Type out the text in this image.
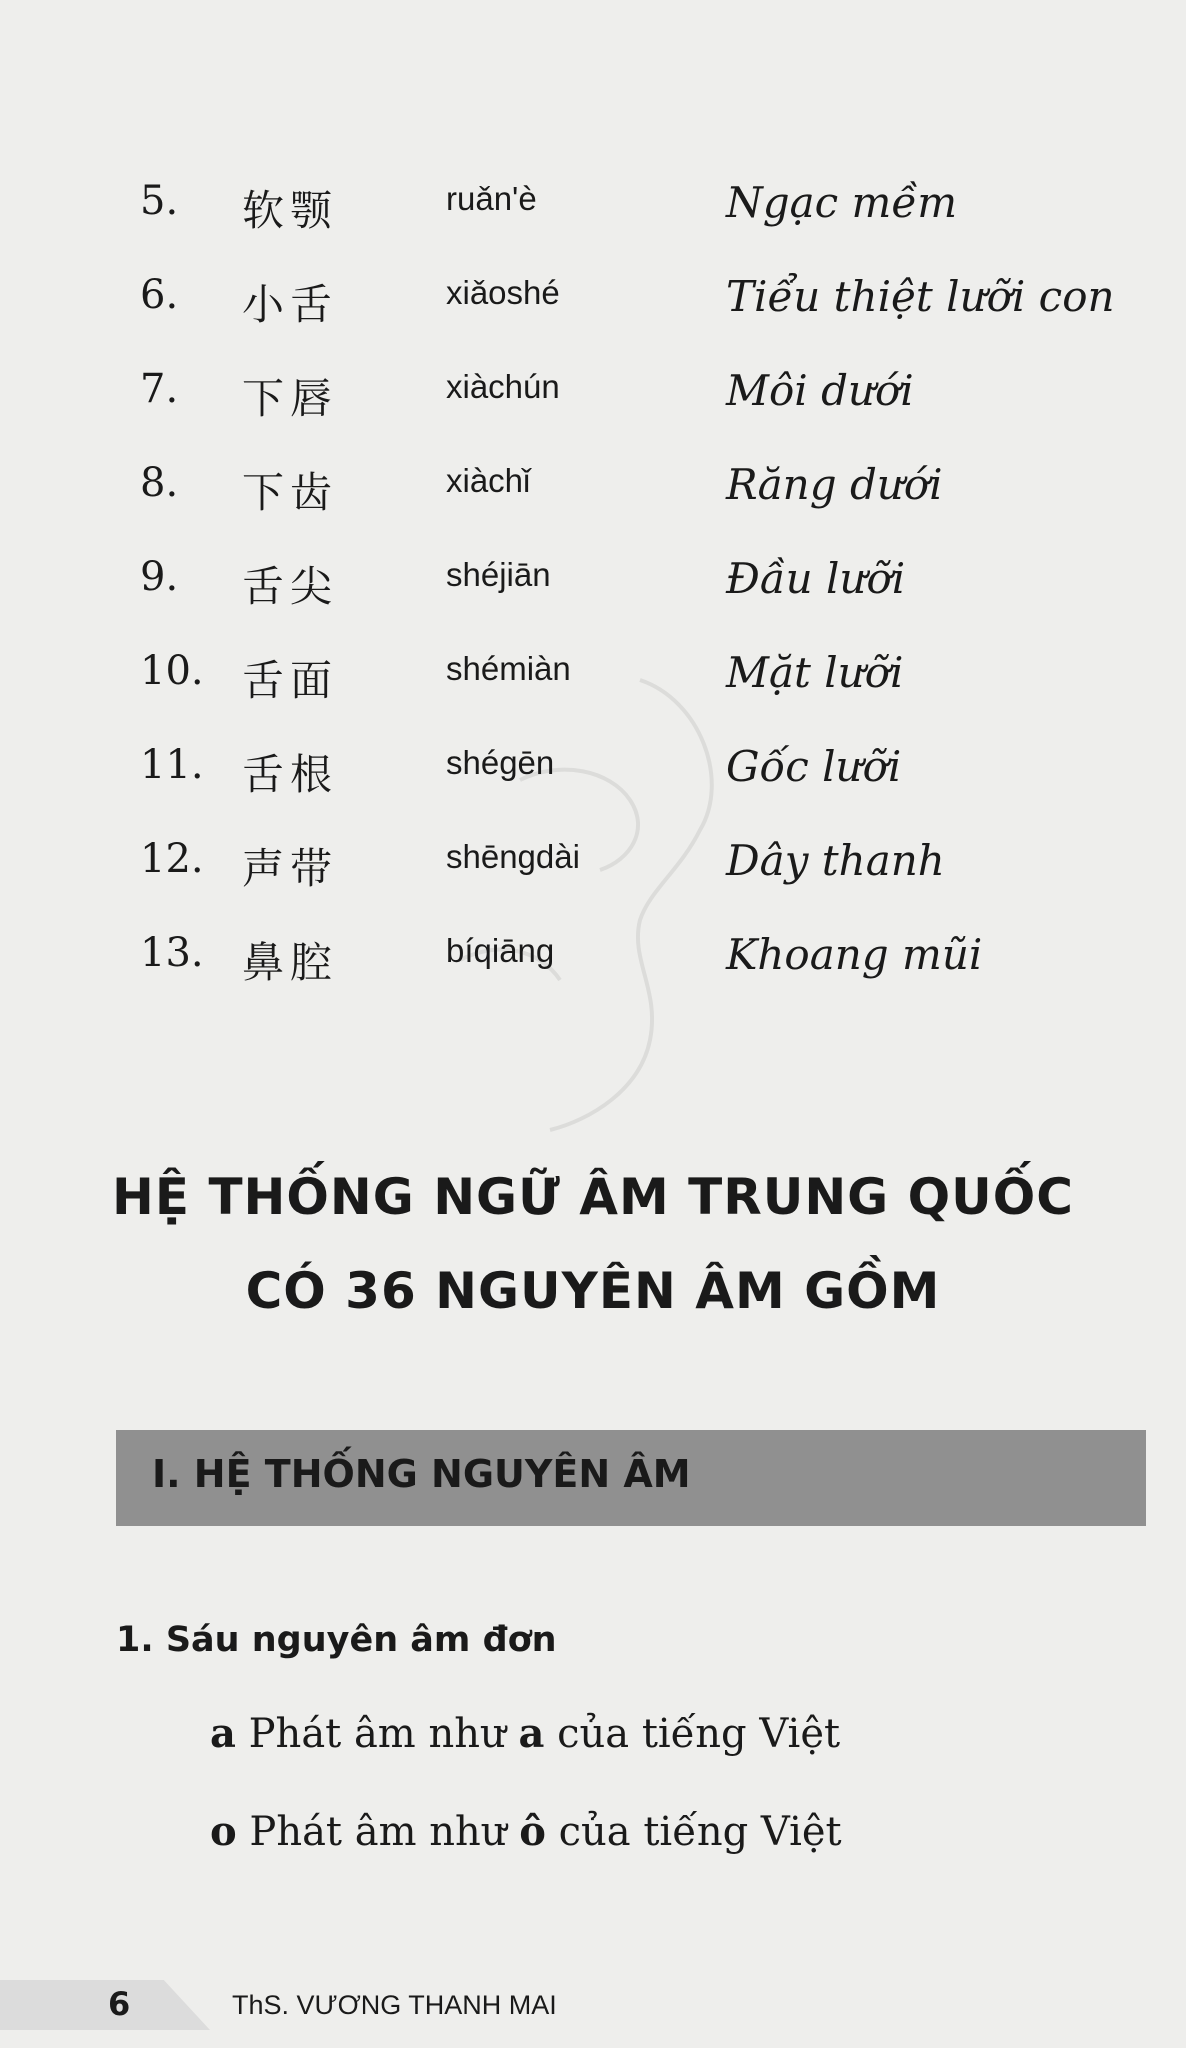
5.	软颚	ruǎn'è	Ngạc mềm
6.	小舌	xiǎoshé	Tiểu thiệt lưỡi con
7.	下唇	xiàchún	Môi dưới
8.	下齿	xiàchǐ	Răng dưới
9.	舌尖	shéjiān	Đầu lưỡi
10. 舌面	shémiàn	Mặt lưỡi
11. 舌根	shégēn	Gốc lưỡi
12. 声带	shēngdài	Dây thanh
13. 鼻腔	bíqiāng	Khoang mũi
HỆ THỐNG NGỮ ÂM TRUNG QUỐC
CÓ 36 NGUYÊN ÂM GỒM
I. HỆ THỐNG NGUYÊN ÂM
1. Sáu nguyên âm đơn
a Phát âm như a của tiếng Việt
o Phát âm như ô của tiếng Việt
6	ThS. VƯƠNG THANH MAI
